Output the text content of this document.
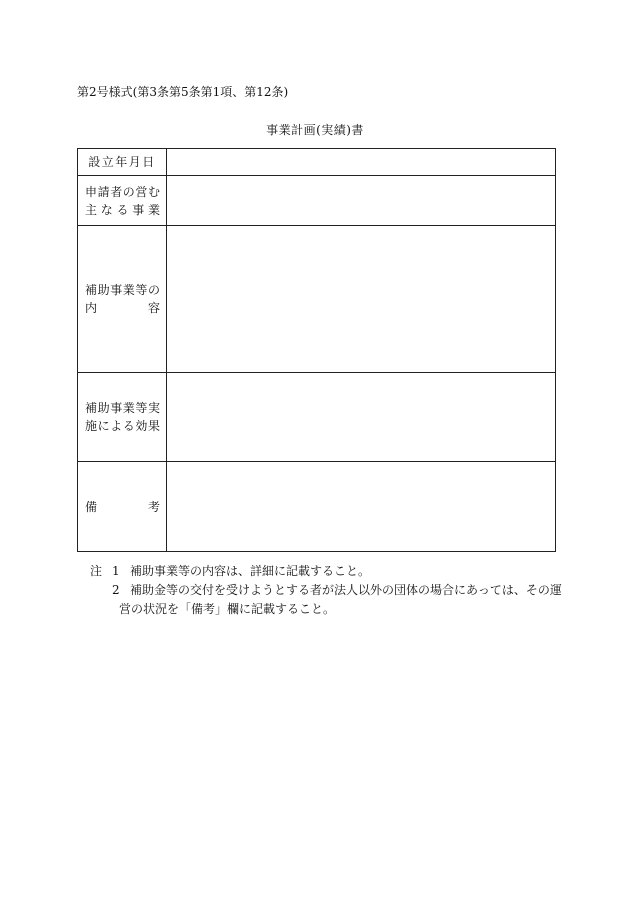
第2号様式(第3条第5条第1項、第12条)
事業計画(実績)書
設立年月日	

申請者の営む
主なる事業	

補助事業等の
内容	

補助事業等実
施による効果	

備考	

注 1 補助事業等の内容は、詳細に記載すること。
2 補助金等の交付を受けようとする者が法人以外の団体の場合にあっては、その運
営の状況を「備考」欄に記載すること。
